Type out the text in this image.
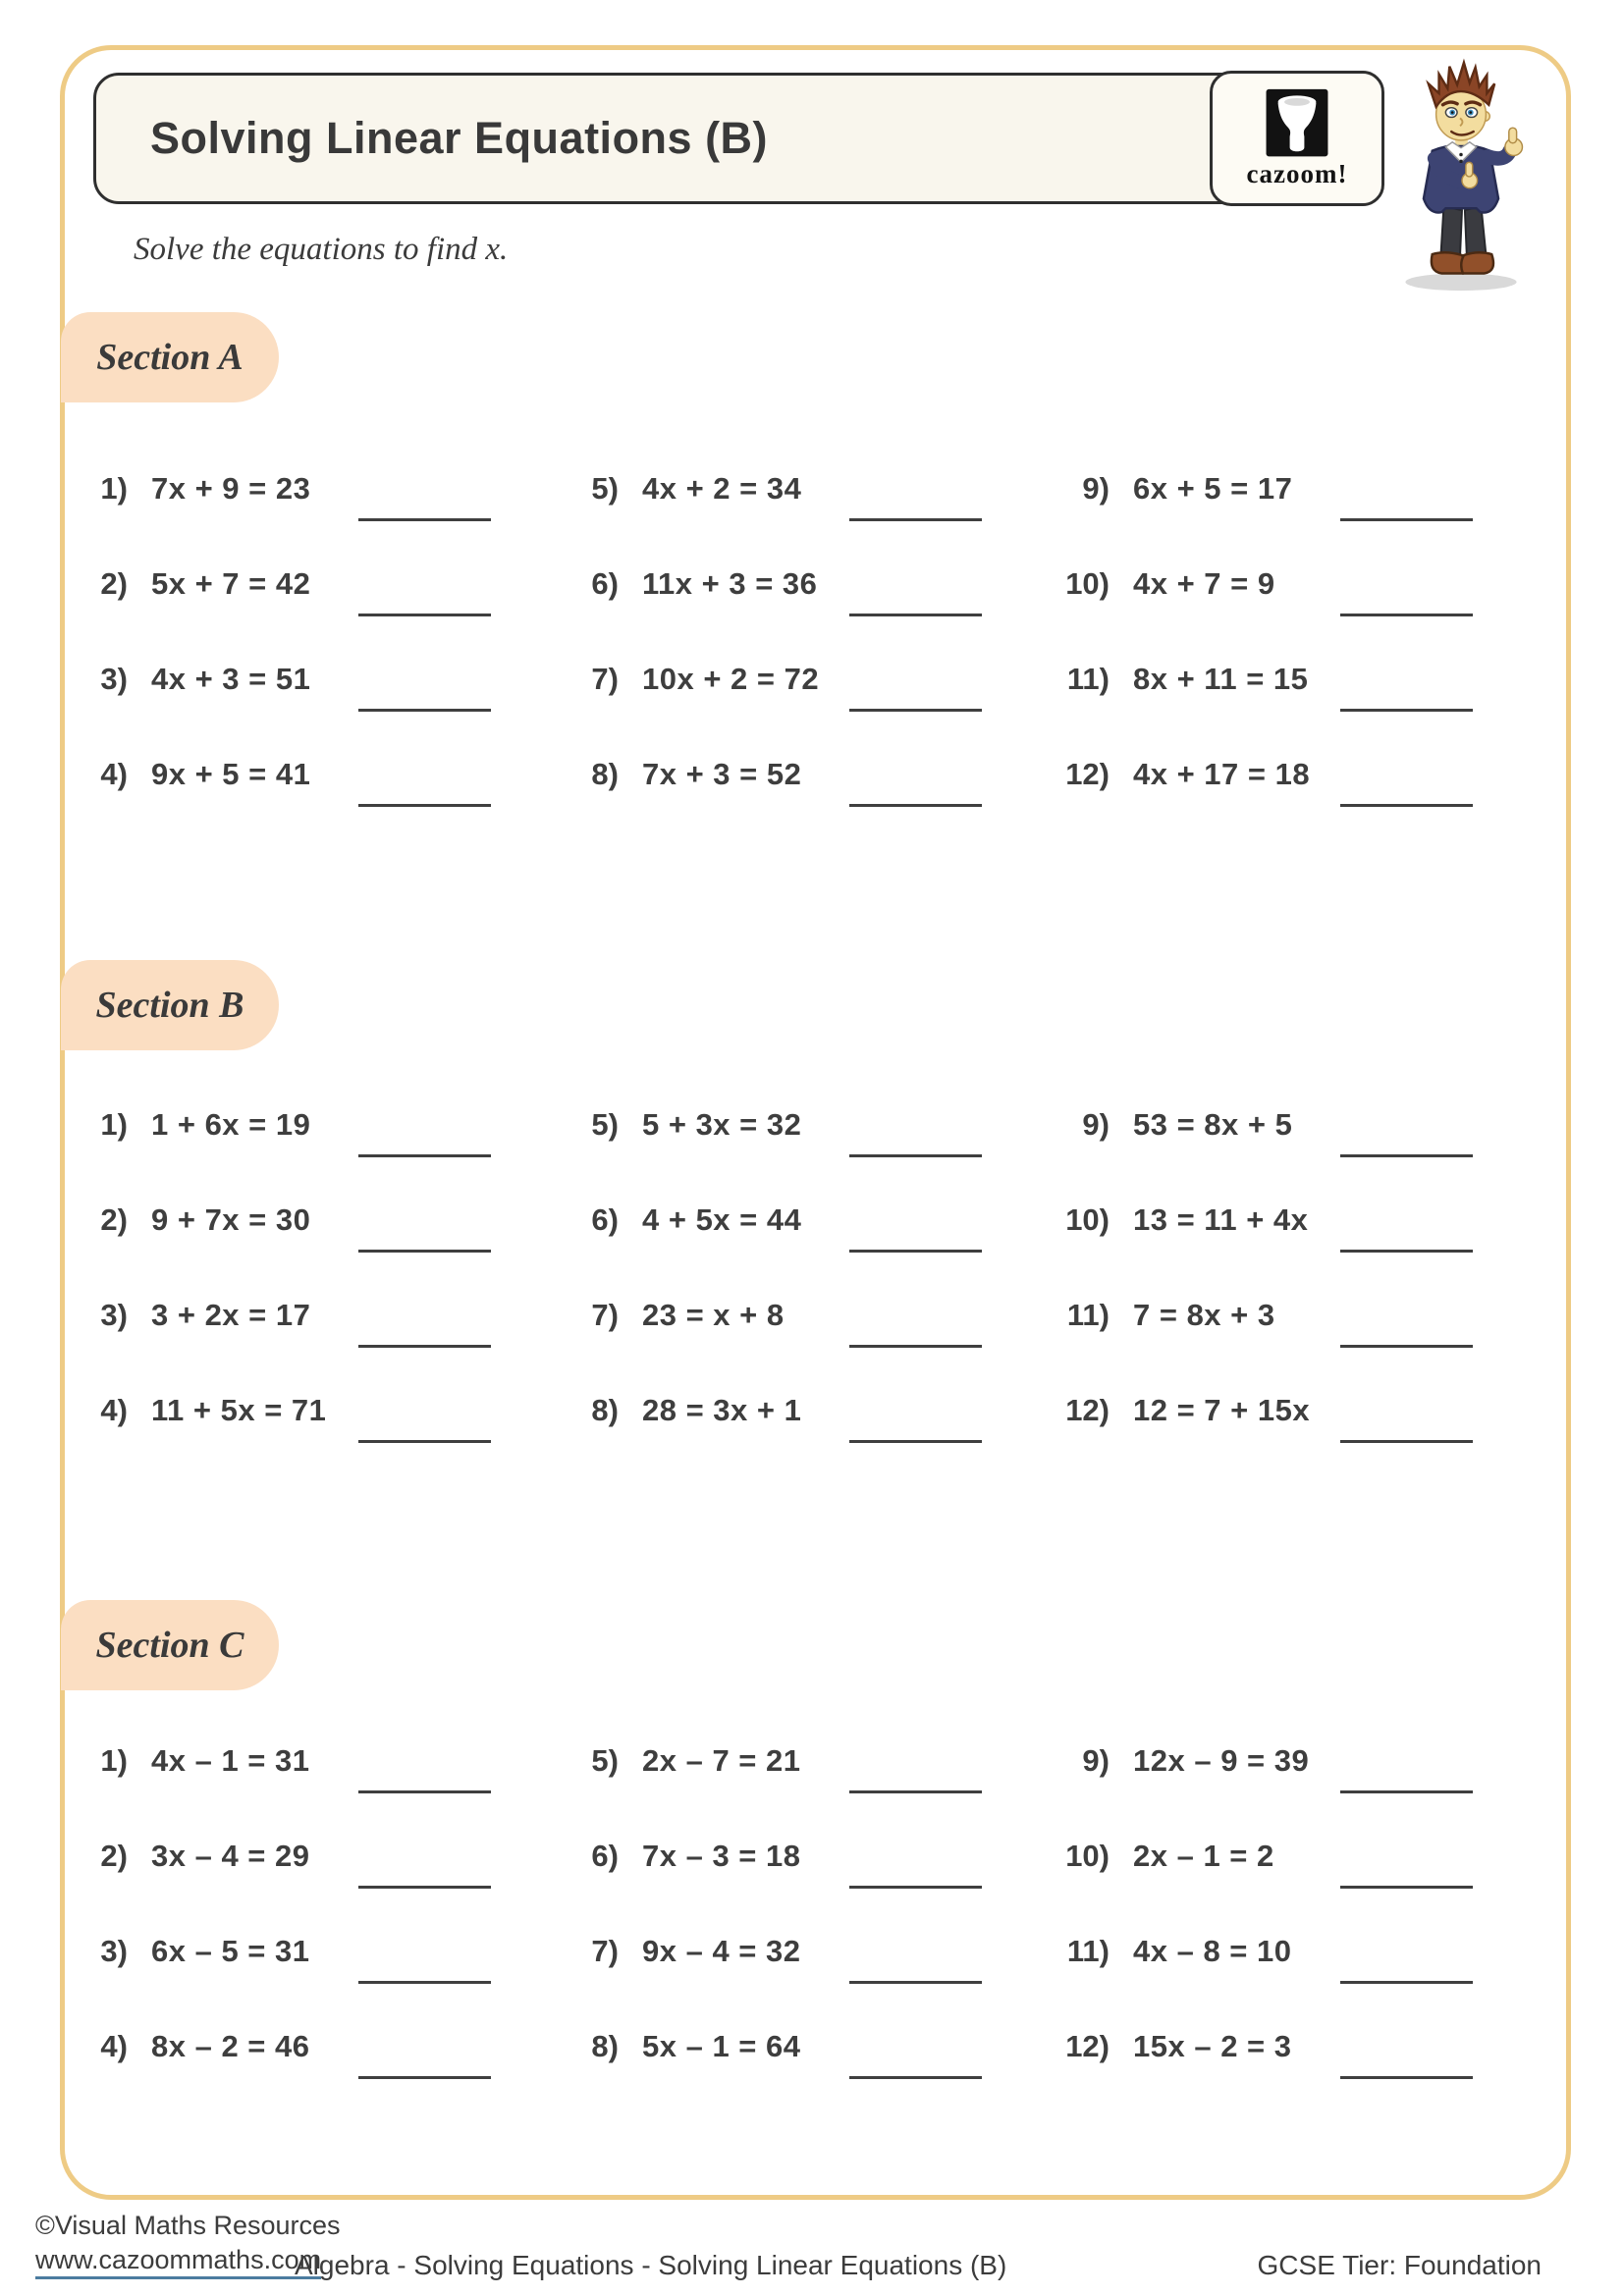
Solving Linear Equations (B)
cazoom!
Solve the equations to find x.
Section A
1) 7x + 9 = 23
2) 5x + 7 = 42
3) 4x + 3 = 51
4) 9x + 5 = 41
5) 4x + 2 = 34
6) 11x + 3 = 36
7) 10x + 2 = 72
8) 7x + 3 = 52
9) 6x + 5 = 17
10) 4x + 7 = 9
11) 8x + 11 = 15
12) 4x + 17 = 18
Section B
1) 1 + 6x = 19
2) 9 + 7x = 30
3) 3 + 2x = 17
4) 11 + 5x = 71
5) 5 + 3x = 32
6) 4 + 5x = 44
7) 23 = x + 8
8) 28 = 3x + 1
9) 53 = 8x + 5
10) 13 = 11 + 4x
11) 7 = 8x + 3
12) 12 = 7 + 15x
Section C
1) 4x – 1 = 31
2) 3x – 4 = 29
3) 6x – 5 = 31
4) 8x – 2 = 46
5) 2x – 7 = 21
6) 7x – 3 = 18
7) 9x – 4 = 32
8) 5x – 1 = 64
9) 12x – 9 = 39
10) 2x – 1 = 2
11) 4x – 8 = 10
12) 15x – 2 = 3
©Visual Maths Resources
www.cazoommaths.com
Algebra - Solving Equations - Solving Linear Equations (B)	GCSE Tier: Foundation
